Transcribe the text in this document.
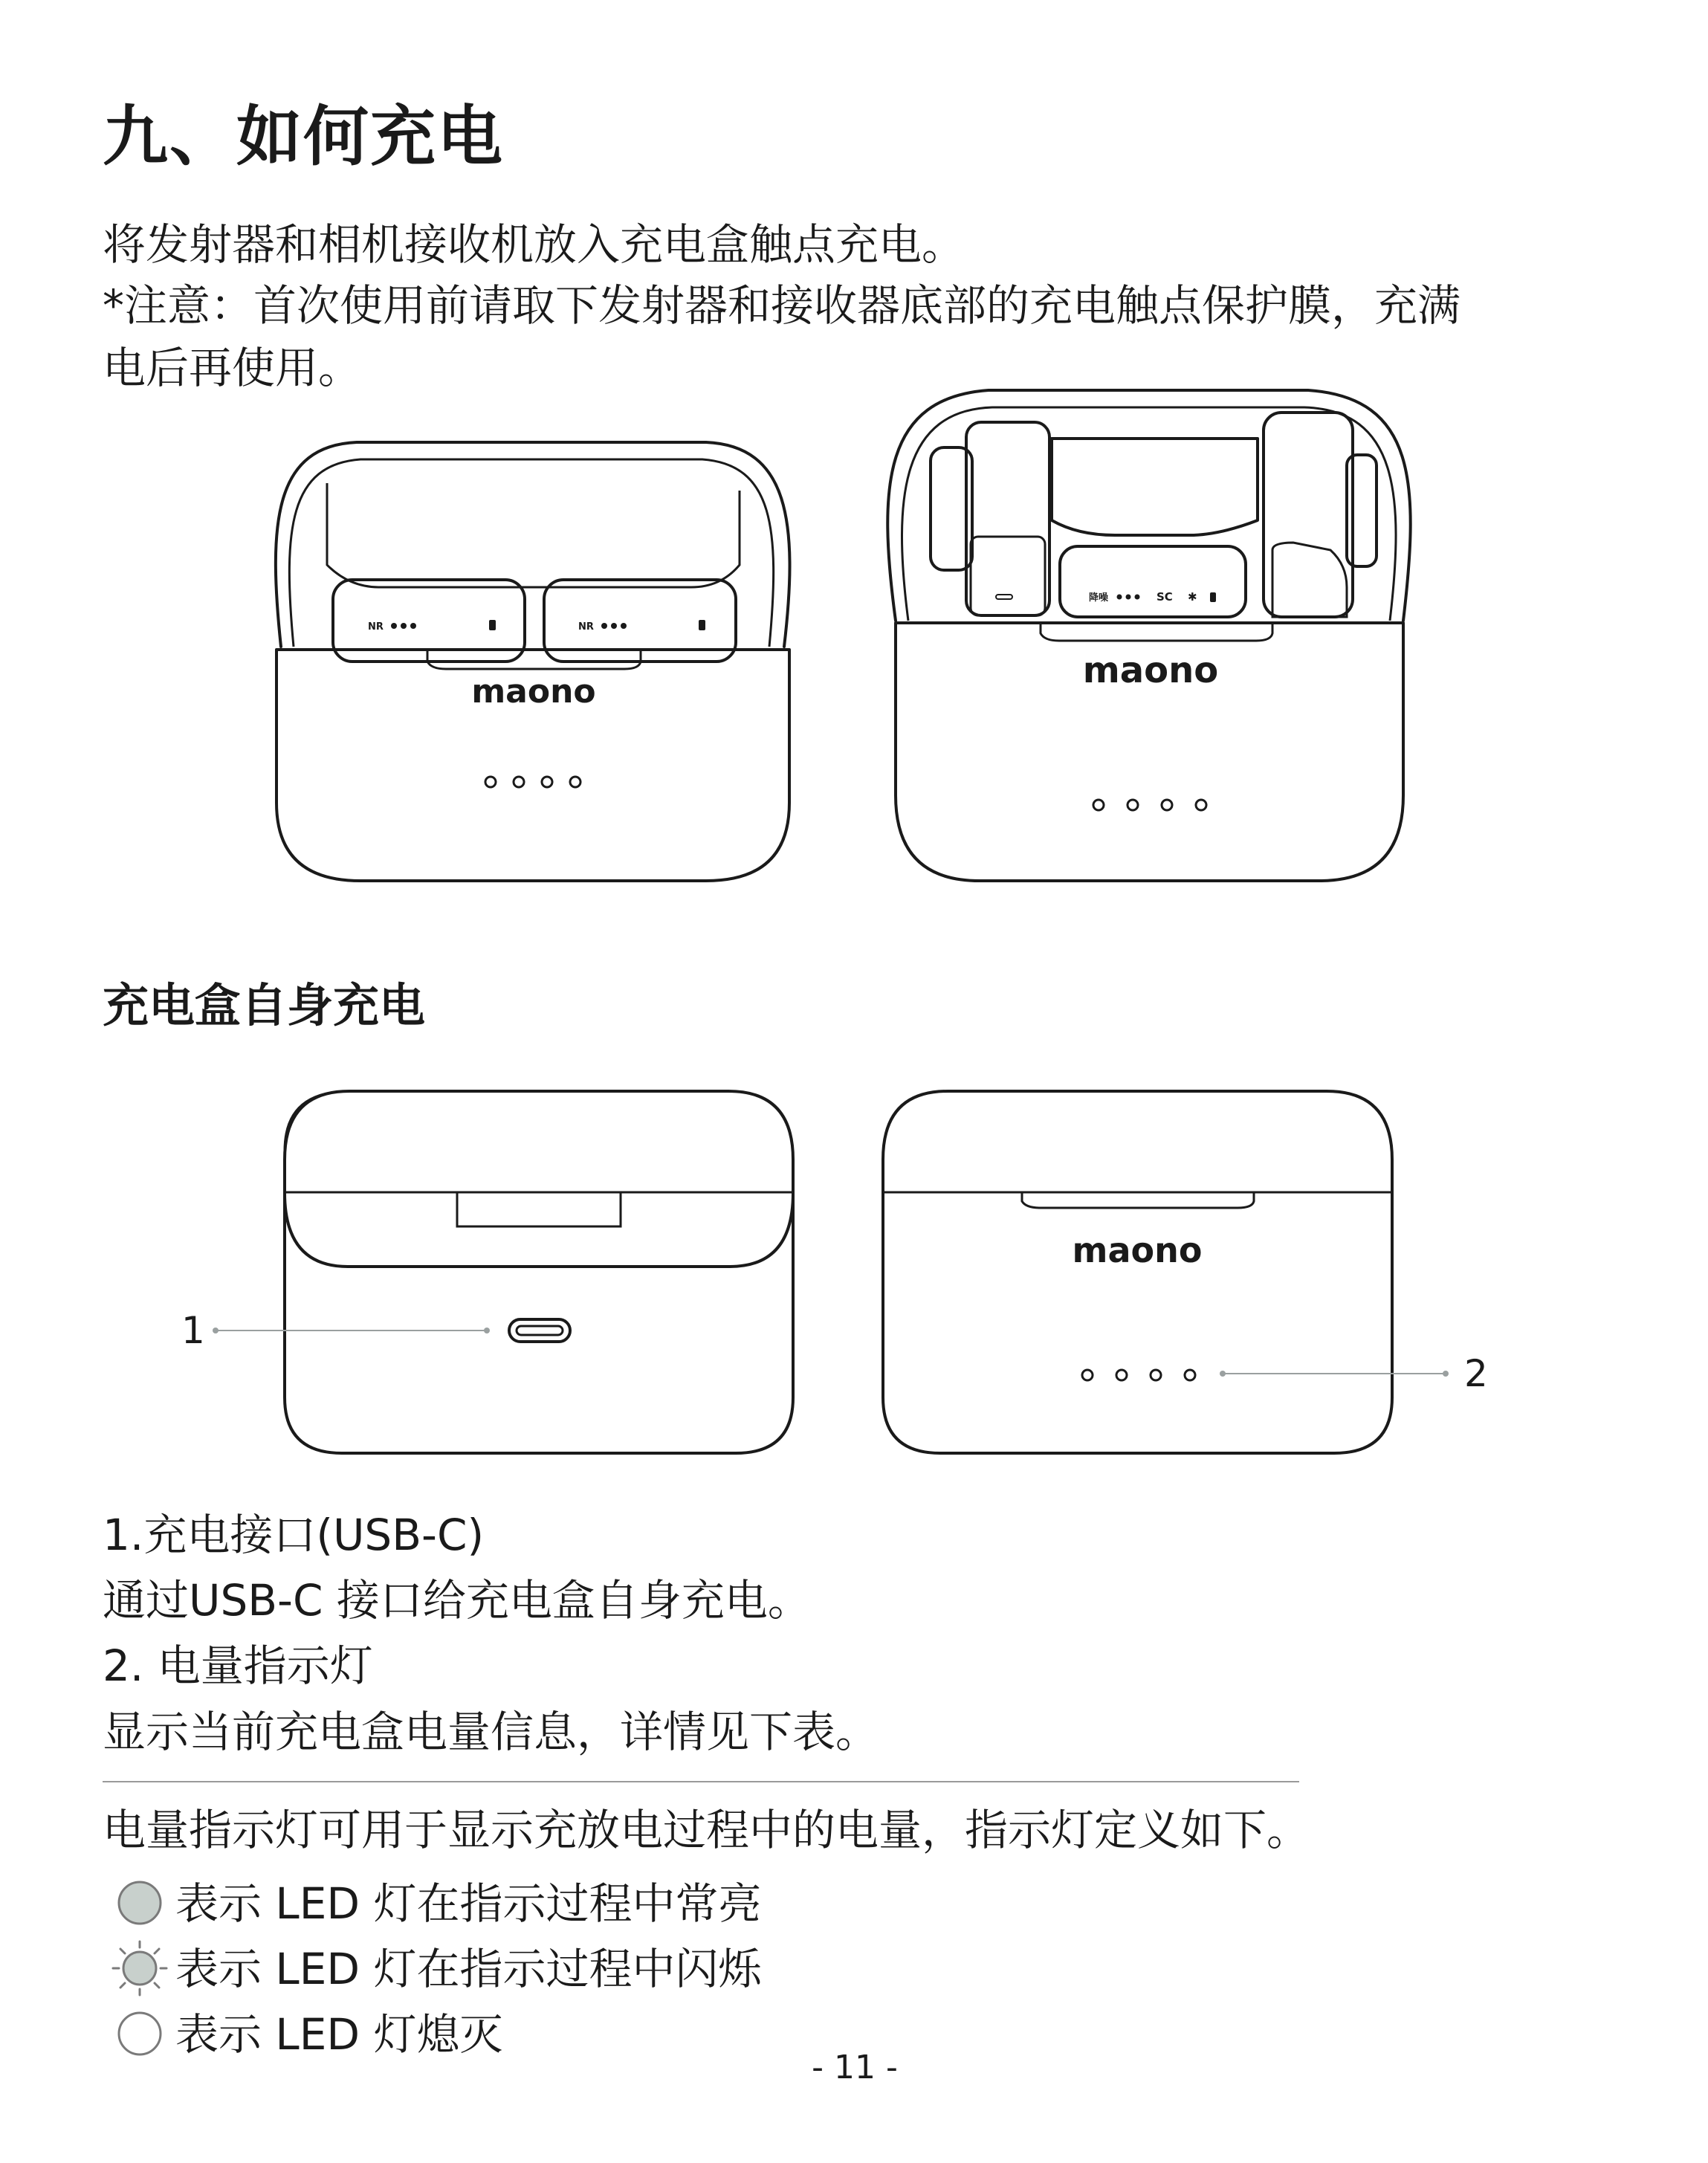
九、如何充电
将发射器和相机接收机放入充电盒触点充电。
*注意：首次使用前请取下发射器和接收器底部的充电触点保护膜，充满
电后再使用。
NR	NR
maono
降噪	SC ✱
maono
maono
1
2
充电盒自身充电
1.充电接口(USB-C)
通过USB-C 接口给充电盒自身充电。
2. 电量指示灯
显示当前充电盒电量信息，详情见下表。
电量指示灯可用于显示充放电过程中的电量，指示灯定义如下。
表示 LED 灯在指示过程中常亮
表示 LED 灯在指示过程中闪烁
表示 LED 灯熄灭
- 11 -
